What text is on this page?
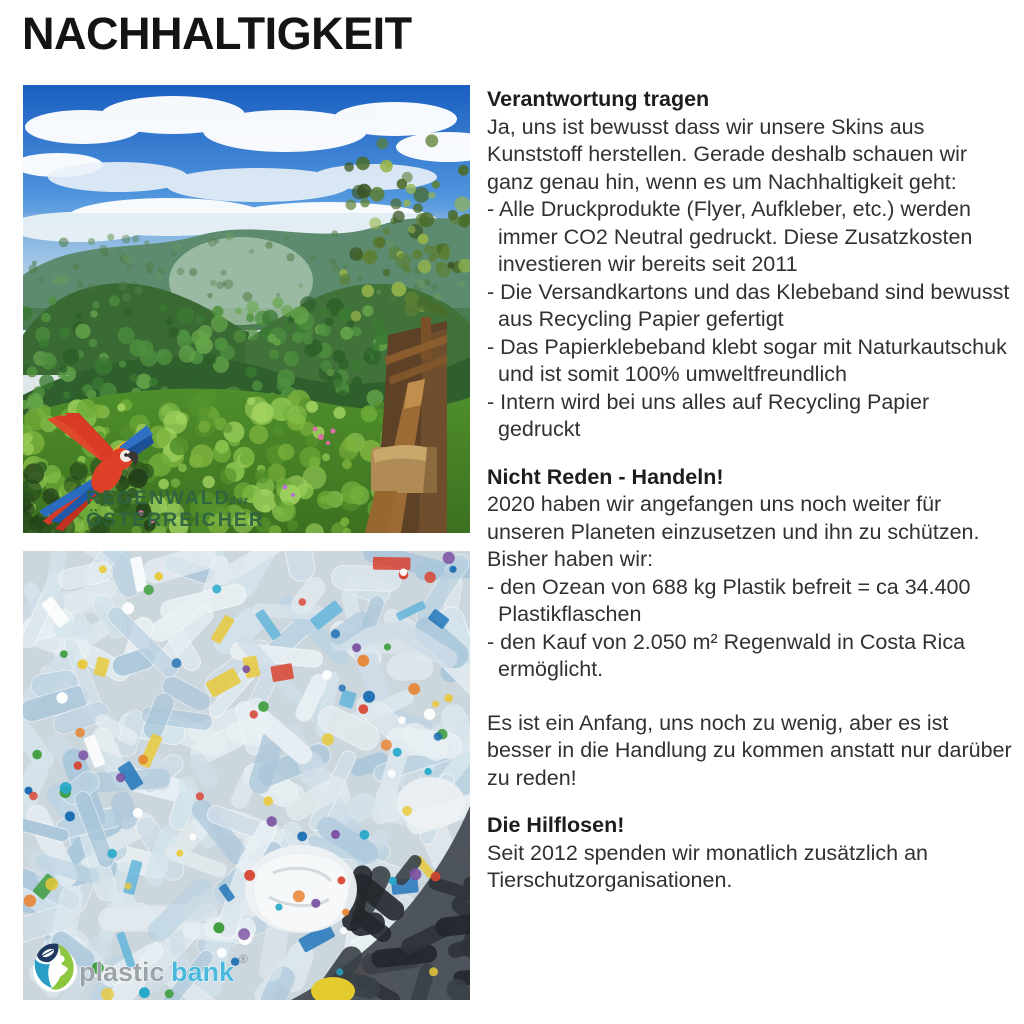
NACHHALTIGKEIT
REGENWALD
der
ÖSTERREICHER
plastic bank ®
Verantwortung tragen

Ja, uns ist bewusst dass wir unsere Skins aus Kunststoff herstellen. Gerade deshalb schauen wir ganz genau hin, wenn es um Nachhaltigkeit geht:

- Alle Druckprodukte (Flyer, Aufkleber, etc.) werden immer CO2 Neutral gedruckt. Diese Zusatzkosten investieren wir bereits seit 2011

- Die Versandkartons und das Klebeband sind bewusst aus Recycling Papier gefertigt

- Das Papierklebeband klebt sogar mit Naturkautschuk und ist somit 100% umweltfreundlich

- Intern wird bei uns alles auf Recycling Papier gedruckt

Nicht Reden - Handeln!

2020 haben wir angefangen uns noch weiter für unseren Planeten einzusetzen und ihn zu schützen.

Bisher haben wir:

- den Ozean von 688 kg Plastik befreit = ca 34.400 Plastikflaschen

- den Kauf von 2.050 m² Regenwald in Costa Rica ermöglicht.

Es ist ein Anfang, uns noch zu wenig, aber es ist besser in die Handlung zu kommen anstatt nur darüber zu reden!

Die Hilflosen!

Seit 2012 spenden wir monatlich zusätzlich an Tierschutzorganisationen.
